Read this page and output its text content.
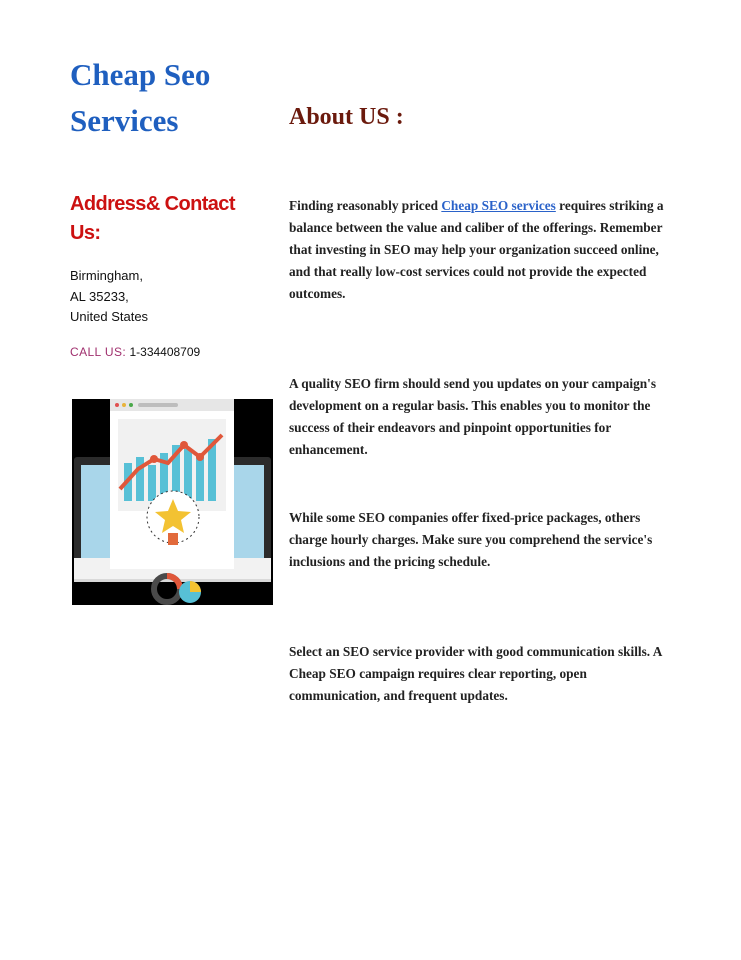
Cheap Seo Services	About US :
Address& Contact Us:
Birmingham,
AL 35233,
United States
CALL US: 1-334408709
Finding reasonably priced Cheap SEO services requires striking a balance between the value and caliber of the offerings. Remember that investing in SEO may help your organization succeed online, and that really low-cost services could not provide the expected outcomes.
A quality SEO firm should send you updates on your campaign's development on a regular basis. This enables you to monitor the success of their endeavors and pinpoint opportunities for enhancement.
While some SEO companies offer fixed-price packages, others charge hourly charges. Make sure you comprehend the service's inclusions and the pricing schedule.
Select an SEO service provider with good communication skills. A Cheap SEO campaign requires clear reporting, open communication, and frequent updates.
